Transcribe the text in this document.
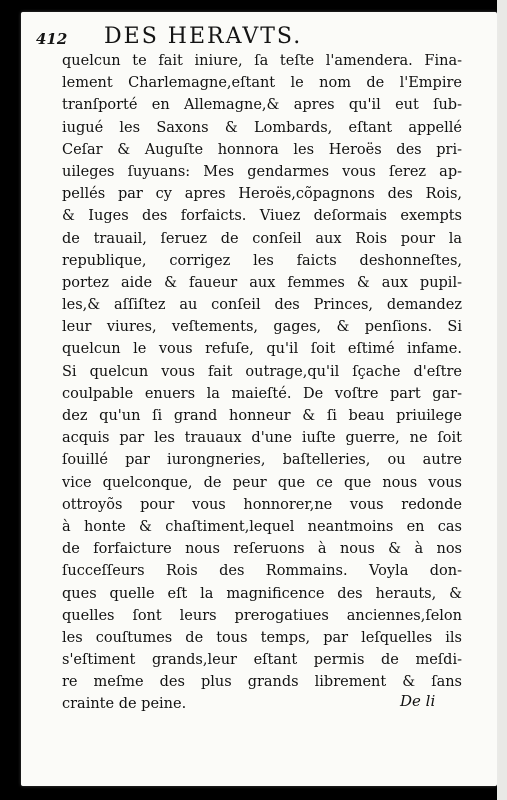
412 DES HERAVTS.
quelcun te fait iniure, ſa teſte l'amendera. Fina-
lement Charlemagne,eſtant le nom de l'Empire
tranſporté en Allemagne,& apres qu'il eut ſub-
iugué les Saxons & Lombards, eſtant appellé
Ceſar & Auguſte honnora les Heroës des pri-
uileges ſuyuans: Mes gendarmes vous ſerez ap-
pellés par cy apres Heroës,cõpagnons des Rois,
& Iuges des forfaicts. Viuez deſormais exempts
de trauail, ſeruez de conſeil aux Rois pour la
republique, corrigez les faicts deshonneſtes,
portez aide & faueur aux femmes & aux pupil-
les,& aſſiſtez au conſeil des Princes, demandez
leur viures, veſtements, gages, & penſions. Si
quelcun le vous refuſe, qu'il ſoit eſtimé infame.
Si quelcun vous fait outrage,qu'il ſçache d'eſtre
coulpable enuers la maieſté. De voſtre part gar-
dez qu'un ſi grand honneur & ſi beau priuilege
acquis par les trauaux d'une iuſte guerre, ne ſoit
ſouillé par iurongneries, baſtelleries, ou autre
vice quelconque, de peur que ce que nous vous
ottroyõs pour vous honnorer,ne vous redonde
à honte & chaſtiment,lequel neantmoins en cas
de forfaicture nous reſeruons à nous & à nos
ſucceſſeurs Rois des Rommains. Voyla don-
ques quelle eſt la magnificence des herauts, &
quelles ſont leurs prerogatiues anciennes,ſelon
les couſtumes de tous temps, par leſquelles ils
s'eſtiment grands,leur eſtant permis de meſdi-
re meſme des plus grands librement & ſans
crainte de peine.	De li
